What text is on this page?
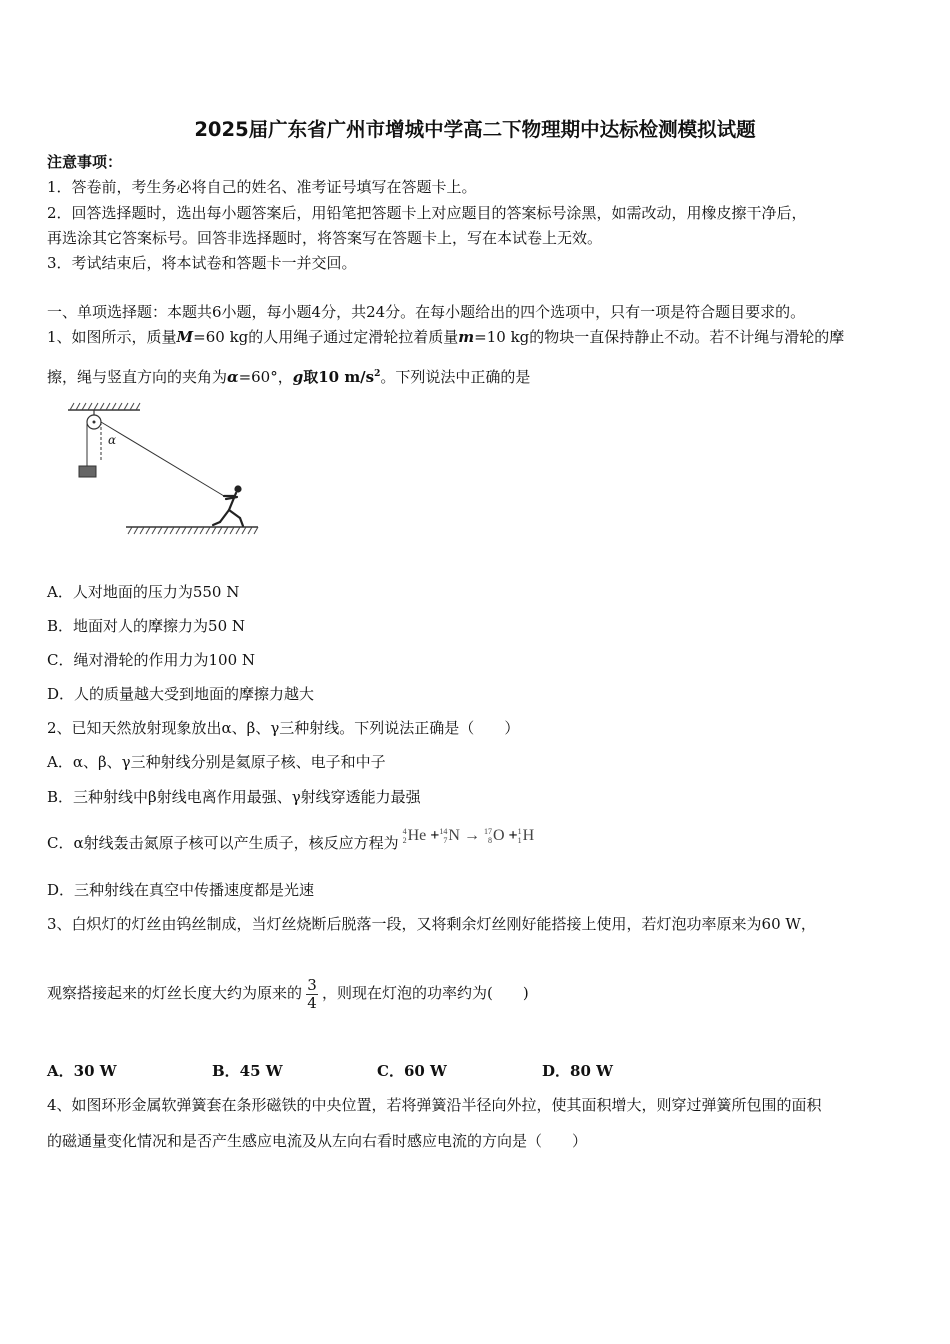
2025届广东省广州市增城中学高二下物理期中达标检测模拟试题
注意事项：
1．答卷前，考生务必将自己的姓名、准考证号填写在答题卡上。
2．回答选择题时，选出每小题答案后，用铅笔把答题卡上对应题目的答案标号涂黑，如需改动，用橡皮擦干净后，
再选涂其它答案标号。回答非选择题时，将答案写在答题卡上，写在本试卷上无效。
3．考试结束后，将本试卷和答题卡一并交回。
一、单项选择题：本题共6小题，每小题4分，共24分。在每小题给出的四个选项中，只有一项是符合题目要求的。
1、如图所示，质量M=60 kg的人用绳子通过定滑轮拉着质量m=10 kg的物块一直保持静止不动。若不计绳与滑轮的摩
擦，绳与竖直方向的夹角为α=60°，g取10 $m/s^2$。下列说法中正确的是
α
A．人对地面的压力为550 N
B．地面对人的摩擦力为50 N
C．绳对滑轮的作用力为100 N
D．人的质量越大受到地面的摩擦力越大
2、已知天然放射现象放出α、β、γ三种射线。下列说法正确是（　　）
A．α、β、γ三种射线分别是氦原子核、电子和中子
B．三种射线中β射线电离作用最强、γ射线穿透能力最强
C．α射线轰击氮原子核可以产生质子，核反应方程为
4
2 He + 14
7 N → 17
8 O + 1
1 H
D．三种射线在真空中传播速度都是光速
3、白炽灯的灯丝由钨丝制成，当灯丝烧断后脱落一段，又将剩余灯丝刚好能搭接上使用，若灯泡功率原来为60 W，
观察搭接起来的灯丝长度大约为原来的 $\frac{3}{4}$ ，则现在灯泡的功率约为(　　)
A．30 W	B．45 W	C．60 W	D．80 W
4、如图环形金属软弹簧套在条形磁铁的中央位置，若将弹簧沿半径向外拉，使其面积增大，则穿过弹簧所包围的面积
的磁通量变化情况和是否产生感应电流及从左向右看时感应电流的方向是（　　）
